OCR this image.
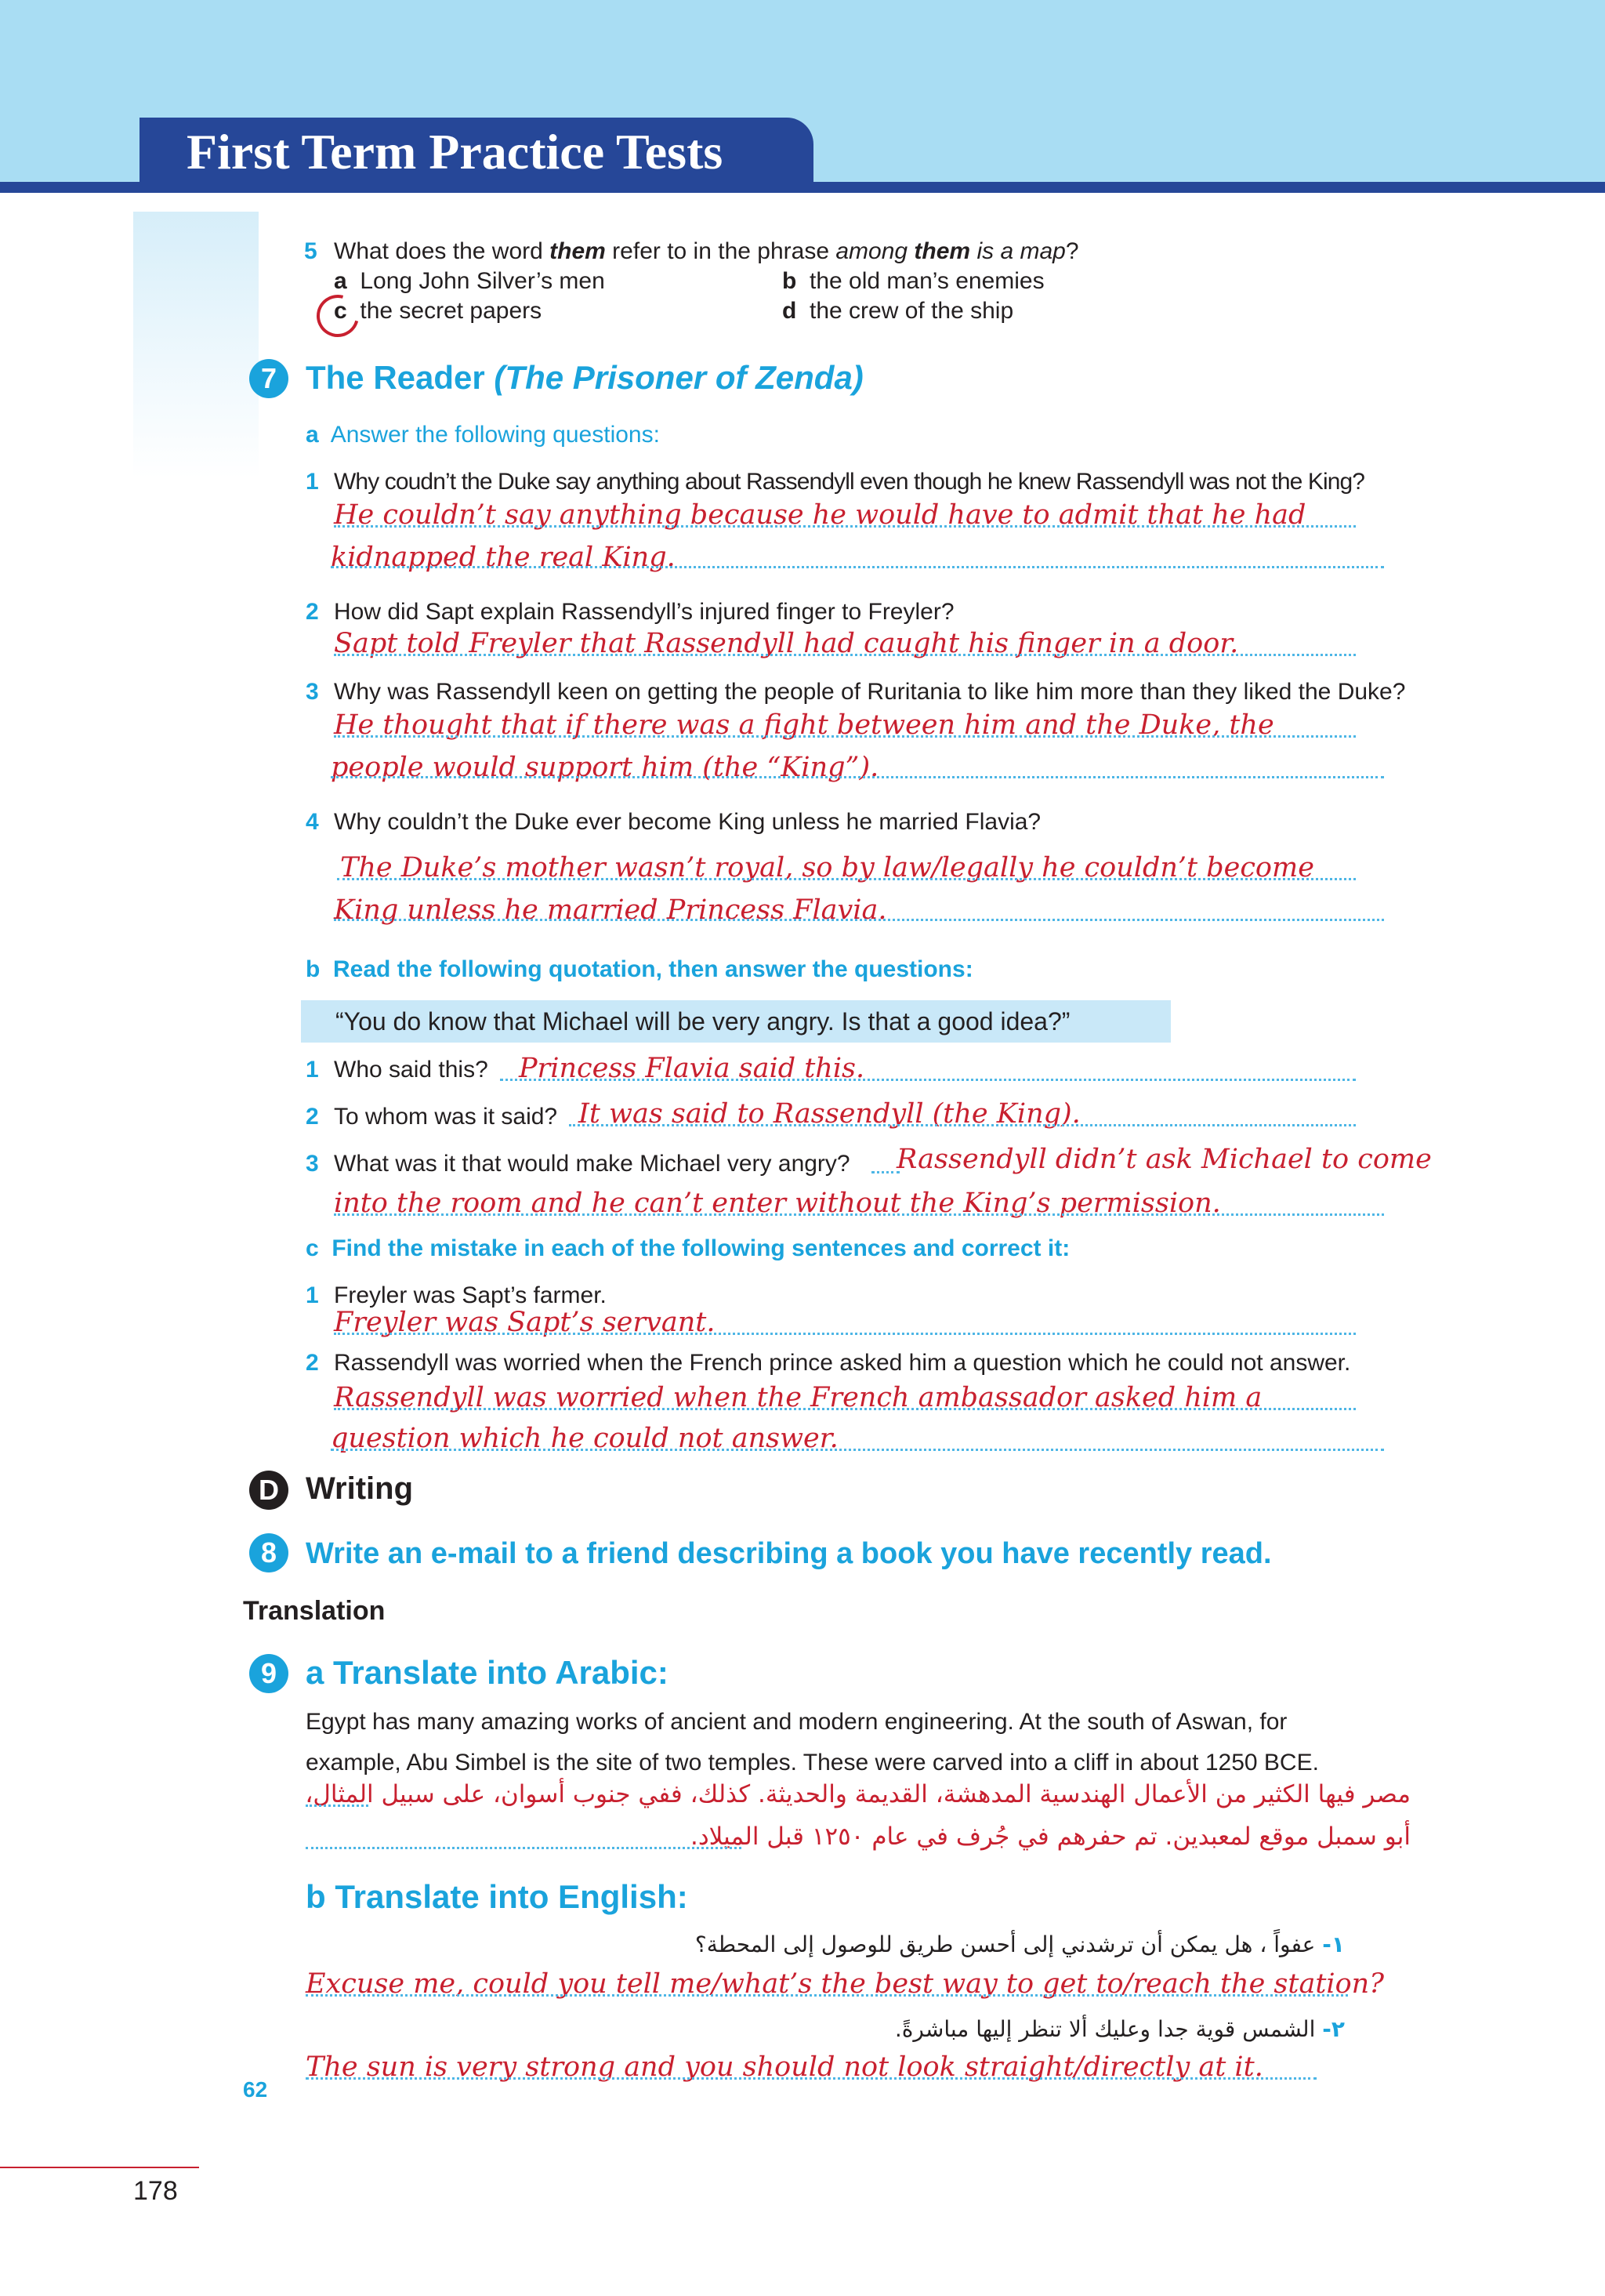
First Term Practice Tests
5 What does the word them refer to in the phrase among them is a map?
a Long John Silver’s men	b the old man’s enemies
c the secret papers	d the crew of the ship
7 The Reader (The Prisoner of Zenda)
a Answer the following questions:
1 Why coudn’t the Duke say anything about Rassendyll even though he knew Rassendyll was not the King?
He couldn’t say anything because he would have to admit that he had
kidnapped the real King.
2 How did Sapt explain Rassendyll’s injured finger to Freyler?
Sapt told Freyler that Rassendyll had caught his finger in a door.
3 Why was Rassendyll keen on getting the people of Ruritania to like him more than they liked the Duke?
He thought that if there was a fight between him and the Duke, the
people would support him (the “King”).
4 Why couldn’t the Duke ever become King unless he married Flavia?
The Duke’s mother wasn’t royal, so by law/legally he couldn’t become
King unless he married Princess Flavia.
b Read the following quotation, then answer the questions:
“You do know that Michael will be very angry. Is that a good idea?”
1 Who said this? Princess Flavia said this.
2 To whom was it said? It was said to Rassendyll (the King).
3 What was it that would make Michael very angry? Rassendyll didn’t ask Michael to come
into the room and he can’t enter without the King’s permission.
c Find the mistake in each of the following sentences and correct it:
1 Freyler was Sapt’s farmer.
Freyler was Sapt’s servant.
2 Rassendyll was worried when the French prince asked him a question which he could not answer.
Rassendyll was worried when the French ambassador asked him a
question which he could not answer.
D Writing
8 Write an e-mail to a friend describing a book you have recently read.
Translation
9 a Translate into Arabic:
Egypt has many amazing works of ancient and modern engineering. At the south of Aswan, for
example, Abu Simbel is the site of two temples. These were carved into a cliff in about 1250 BCE.
مصر فيها الكثير من الأعمال الهندسية المدهشة، القديمة والحديثة. كذلك، ففي جنوب أسوان، على سبيل المثال،
أبو سمبل موقع لمعبدين. تم حفرهم في جُرف في عام ١٢٥٠ قبل الميلاد.
b Translate into English:
١- عفواً ، هل يمكن أن ترشدني إلى أحسن طريق للوصول إلى المحطة؟
Excuse me, could you tell me/what’s the best way to get to/reach the station?
٢- الشمس قوية جدا وعليك ألا تنظر إليها مباشرةً.
The sun is very strong and you should not look straight/directly at it.
62
178
